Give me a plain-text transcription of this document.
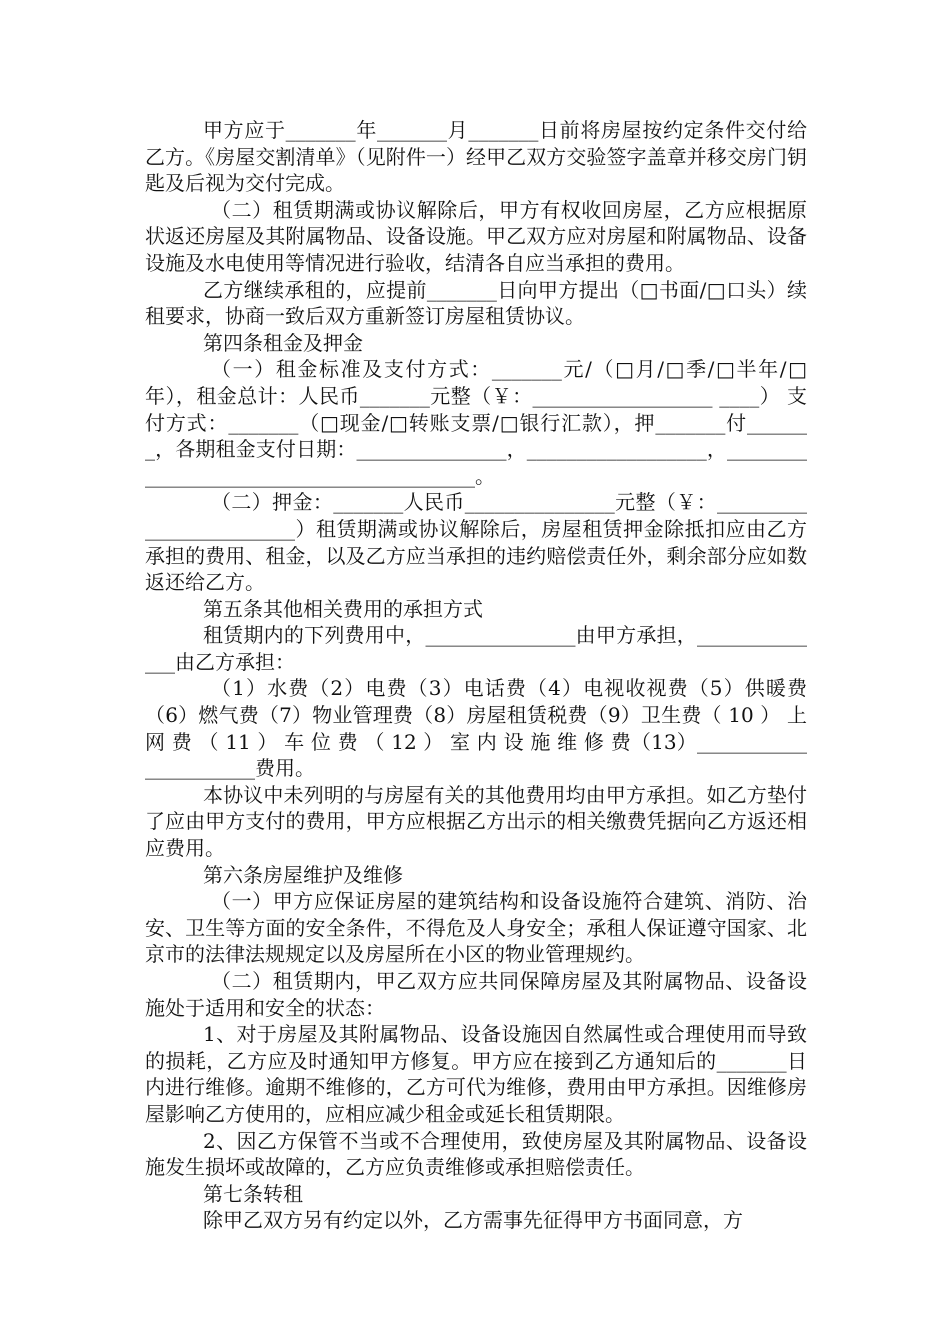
甲方应于_______年_______月_______日前将房屋按约定条件交付给乙方。《房屋交割清单》（见附件一）经甲乙双方交验签字盖章并移交房门钥匙及后视为交付完成。

（二）租赁期满或协议解除后，甲方有权收回房屋，乙方应根据原状返还房屋及其附属物品、设备设施。甲乙双方应对房屋和附属物品、设备设施及水电使用等情况进行验收，结清各自应当承担的费用。

乙方继续承租的，应提前_______日向甲方提出（□书面/□口头）续租要求，协商一致后双方重新签订房屋租赁协议。

第四条租金及押金

（一）租金标准及支付方式：_______元/（□月/□季/□半年/□年），租金总计：人民币_______元整（￥：__________________ ____） 支付方式：_______（□现金/□转账支票/□银行汇款），押_______付_______，各期租金支付日期：_______________，__________________，_________________________________________。

（二）押金：_______人民币_______________元整（￥：________________________）租赁期满或协议解除后，房屋租赁押金除抵扣应由乙方承担的费用、租金，以及乙方应当承担的违约赔偿责任外，剩余部分应如数返还给乙方。

第五条其他相关费用的承担方式

租赁期内的下列费用中，_______________由甲方承担，______________由乙方承担：

（1）水费（2）电费（3）电话费（4）电视收视费（5）供暖费（6）燃气费（7）物业管理费（8）房屋租赁税费（9）卫生费（ 10 ） 上 网 费 （ 11 ） 车 位 费 （ 12 ） 室 内 设 施 维 修 费（13）______________________费用。

本协议中未列明的与房屋有关的其他费用均由甲方承担。如乙方垫付了应由甲方支付的费用，甲方应根据乙方出示的相关缴费凭据向乙方返还相应费用。

第六条房屋维护及维修

（一）甲方应保证房屋的建筑结构和设备设施符合建筑、消防、治安、卫生等方面的安全条件，不得危及人身安全；承租人保证遵守国家、北京市的法律法规规定以及房屋所在小区的物业管理规约。

（二）租赁期内，甲乙双方应共同保障房屋及其附属物品、设备设施处于适用和安全的状态：

1、对于房屋及其附属物品、设备设施因自然属性或合理使用而导致的损耗，乙方应及时通知甲方修复。甲方应在接到乙方通知后的_______日内进行维修。逾期不维修的，乙方可代为维修，费用由甲方承担。因维修房屋影响乙方使用的，应相应减少租金或延长租赁期限。

2、因乙方保管不当或不合理使用，致使房屋及其附属物品、设备设施发生损坏或故障的，乙方应负责维修或承担赔偿责任。

第七条转租

除甲乙双方另有约定以外，乙方需事先征得甲方书面同意，方
